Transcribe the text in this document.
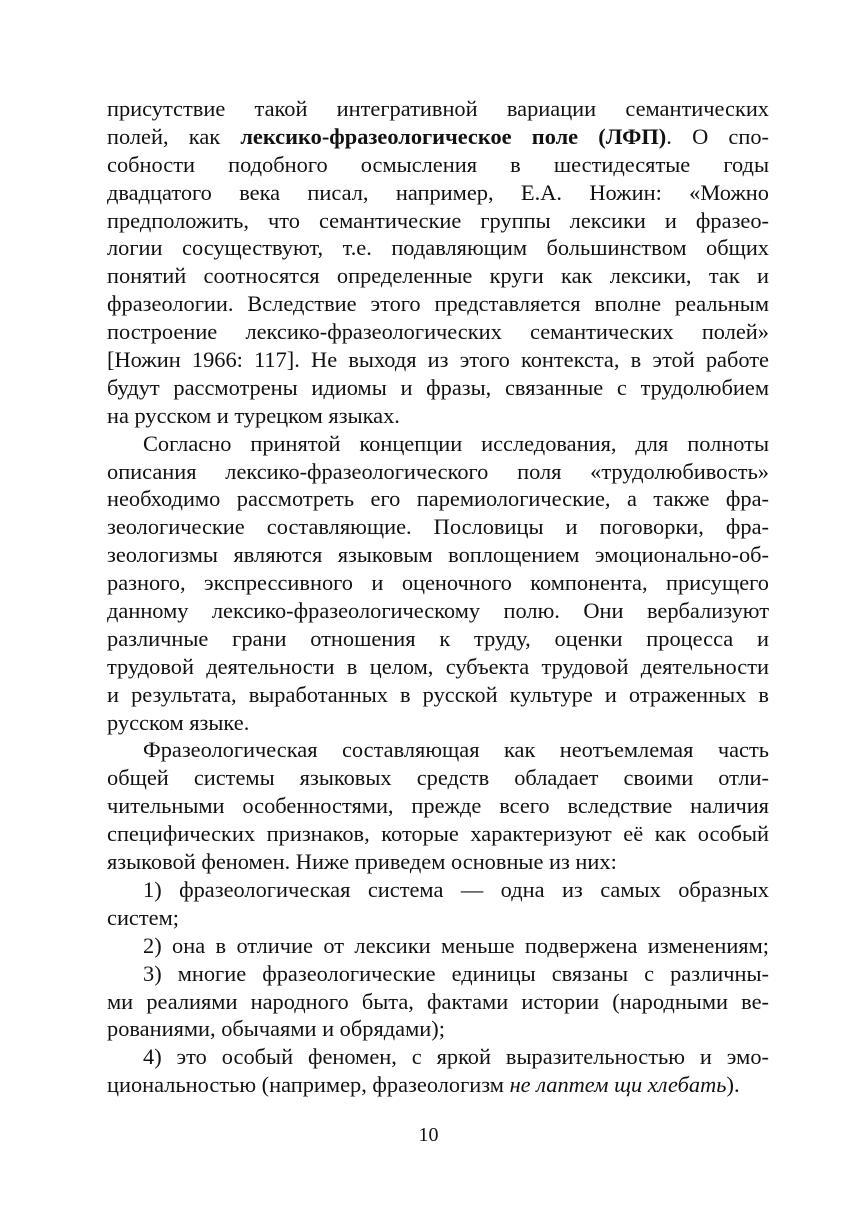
присутствие такой интегративной вариации семантических
полей, как лексико-фразеологическое поле (ЛФП). О спо-
собности подобного осмысления в шестидесятые годы
двадцатого века писал, например, Е.А. Ножин: «Можно
предположить, что семантические группы лексики и фразео-
логии сосуществуют, т.е. подавляющим большинством общих
понятий соотносятся определенные круги как лексики, так и
фразеологии. Вследствие этого представляется вполне реальным
построение лексико-фразеологических семантических полей»
[Ножин 1966: 117]. Не выходя из этого контекста, в этой работе
будут рассмотрены идиомы и фразы, связанные с трудолюбием
на русском и турецком языках.
Согласно принятой концепции исследования, для полноты
описания лексико-фразеологического поля «трудолюбивость»
необходимо рассмотреть его паремиологические, а также фра-
зеологические составляющие. Пословицы и поговорки, фра-
зеологизмы являются языковым воплощением эмоционально-об-
разного, экспрессивного и оценочного компонента, присущего
данному лексико-фразеологическому полю. Они вербализуют
различные грани отношения к труду, оценки процесса и
трудовой деятельности в целом, субъекта трудовой деятельности
и результата, выработанных в русской культуре и отраженных в
русском языке.
Фразеологическая составляющая как неотъемлемая часть
общей системы языковых средств обладает своими отли-
чительными особенностями, прежде всего вследствие наличия
специфических признаков, которые характеризуют её как особый
языковой феномен. Ниже приведем основные из них:
1) фразеологическая система — одна из самых образных
систем;
2) она в отличие от лексики меньше подвержена изменениям;
3) многие фразеологические единицы связаны с различны-
ми реалиями народного быта, фактами истории (народными ве-
рованиями, обычаями и обрядами);
4) это особый феномен, с яркой выразительностью и эмо-
циональностью (например, фразеологизм не лаптем щи хлебать).
10
